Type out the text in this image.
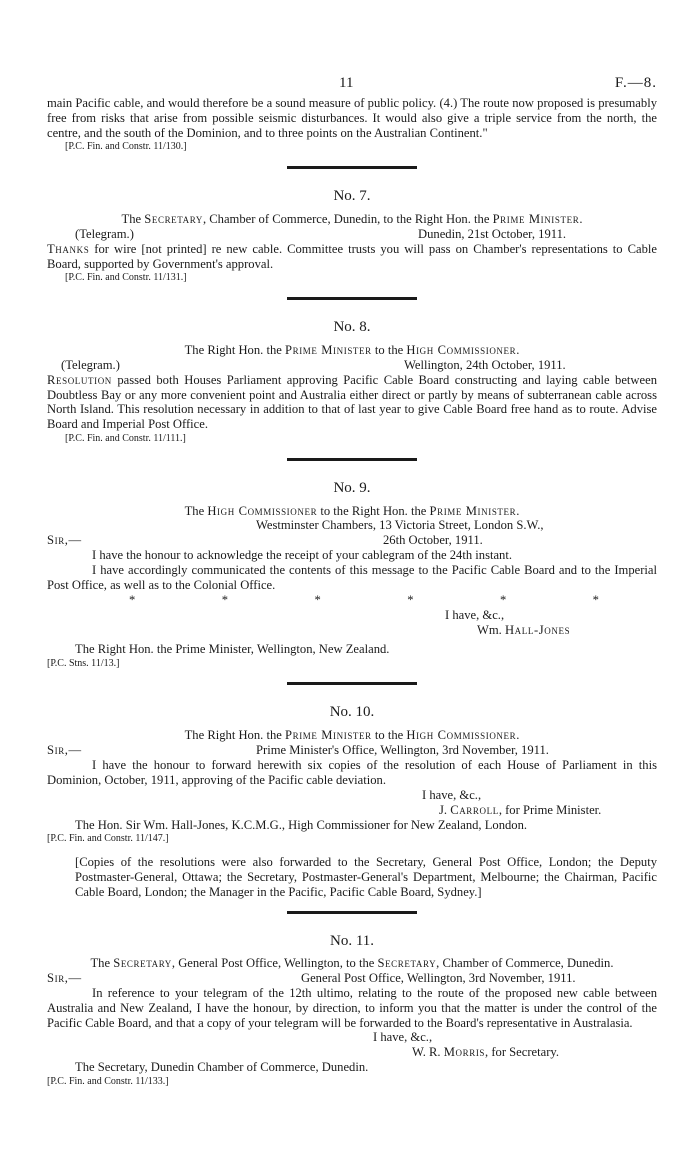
11	F.—8.

main Pacific cable, and would therefore be a sound measure of public policy. (4.) The route now proposed is presumably free from risks that arise from possible seismic disturbances. It would also give a triple service from the north, the centre, and the south of the Dominion, and to three points on the Australian Continent."

[P.C. Fin. and Constr. 11/130.]
No. 7.
The Secretary, Chamber of Commerce, Dunedin, to the Right Hon. the Prime Minister.
(Telegram.)	Dunedin, 21st October, 1911.

Thanks for wire [not printed] re new cable. Committee trusts you will pass on Chamber's representations to Cable Board, supported by Government's approval.

[P.C. Fin. and Constr. 11/131.]
No. 8.
The Right Hon. the Prime Minister to the High Commissioner.
(Telegram.)	Wellington, 24th October, 1911.

Resolution passed both Houses Parliament approving Pacific Cable Board constructing and laying cable between Doubtless Bay or any more convenient point and Australia either direct or partly by means of subterranean cable across North Island. This resolution necessary in addition to that of last year to give Cable Board free hand as to route. Advise Board and Imperial Post Office.

[P.C. Fin. and Constr. 11/111.]
No. 9.
The High Commissioner to the Right Hon. the Prime Minister.
Westminster Chambers, 13 Victoria Street, London S.W.,
Sir,—	26th October, 1911.

I have the honour to acknowledge the receipt of your cablegram of the 24th instant.

I have accordingly communicated the contents of this message to the Pacific Cable Board and to the Imperial Post Office, as well as to the Colonial Office.

*	*	*	*	*	*
I have, &c.,
Wm. Hall-Jones

The Right Hon. the Prime Minister, Wellington, New Zealand.

[P.C. Stns. 11/13.]
No. 10.
The Right Hon. the Prime Minister to the High Commissioner.
Sir,—	Prime Minister's Office, Wellington, 3rd November, 1911.

I have the honour to forward herewith six copies of the resolution of each House of Parliament in this Dominion, October, 1911, approving of the Pacific cable deviation.

I have, &c.,
J. Carroll, for Prime Minister.

The Hon. Sir Wm. Hall-Jones, K.C.M.G., High Commissioner for New Zealand, London.

[P.C. Fin. and Constr. 11/147.]

[Copies of the resolutions were also forwarded to the Secretary, General Post Office, London; the Deputy Postmaster-General, Ottawa; the Secretary, Postmaster-General's Department, Melbourne; the Chairman, Pacific Cable Board, London; the Manager in the Pacific, Pacific Cable Board, Sydney.]

No. 11.
The Secretary, General Post Office, Wellington, to the Secretary, Chamber of Commerce, Dunedin.
Sir,—	General Post Office, Wellington, 3rd November, 1911.

In reference to your telegram of the 12th ultimo, relating to the route of the proposed new cable between Australia and New Zealand, I have the honour, by direction, to inform you that the matter is under the control of the Pacific Cable Board, and that a copy of your telegram will be forwarded to the Board's representative in Australasia.

I have, &c.,
W. R. Morris, for Secretary.

The Secretary, Dunedin Chamber of Commerce, Dunedin.

[P.C. Fin. and Constr. 11/133.]
